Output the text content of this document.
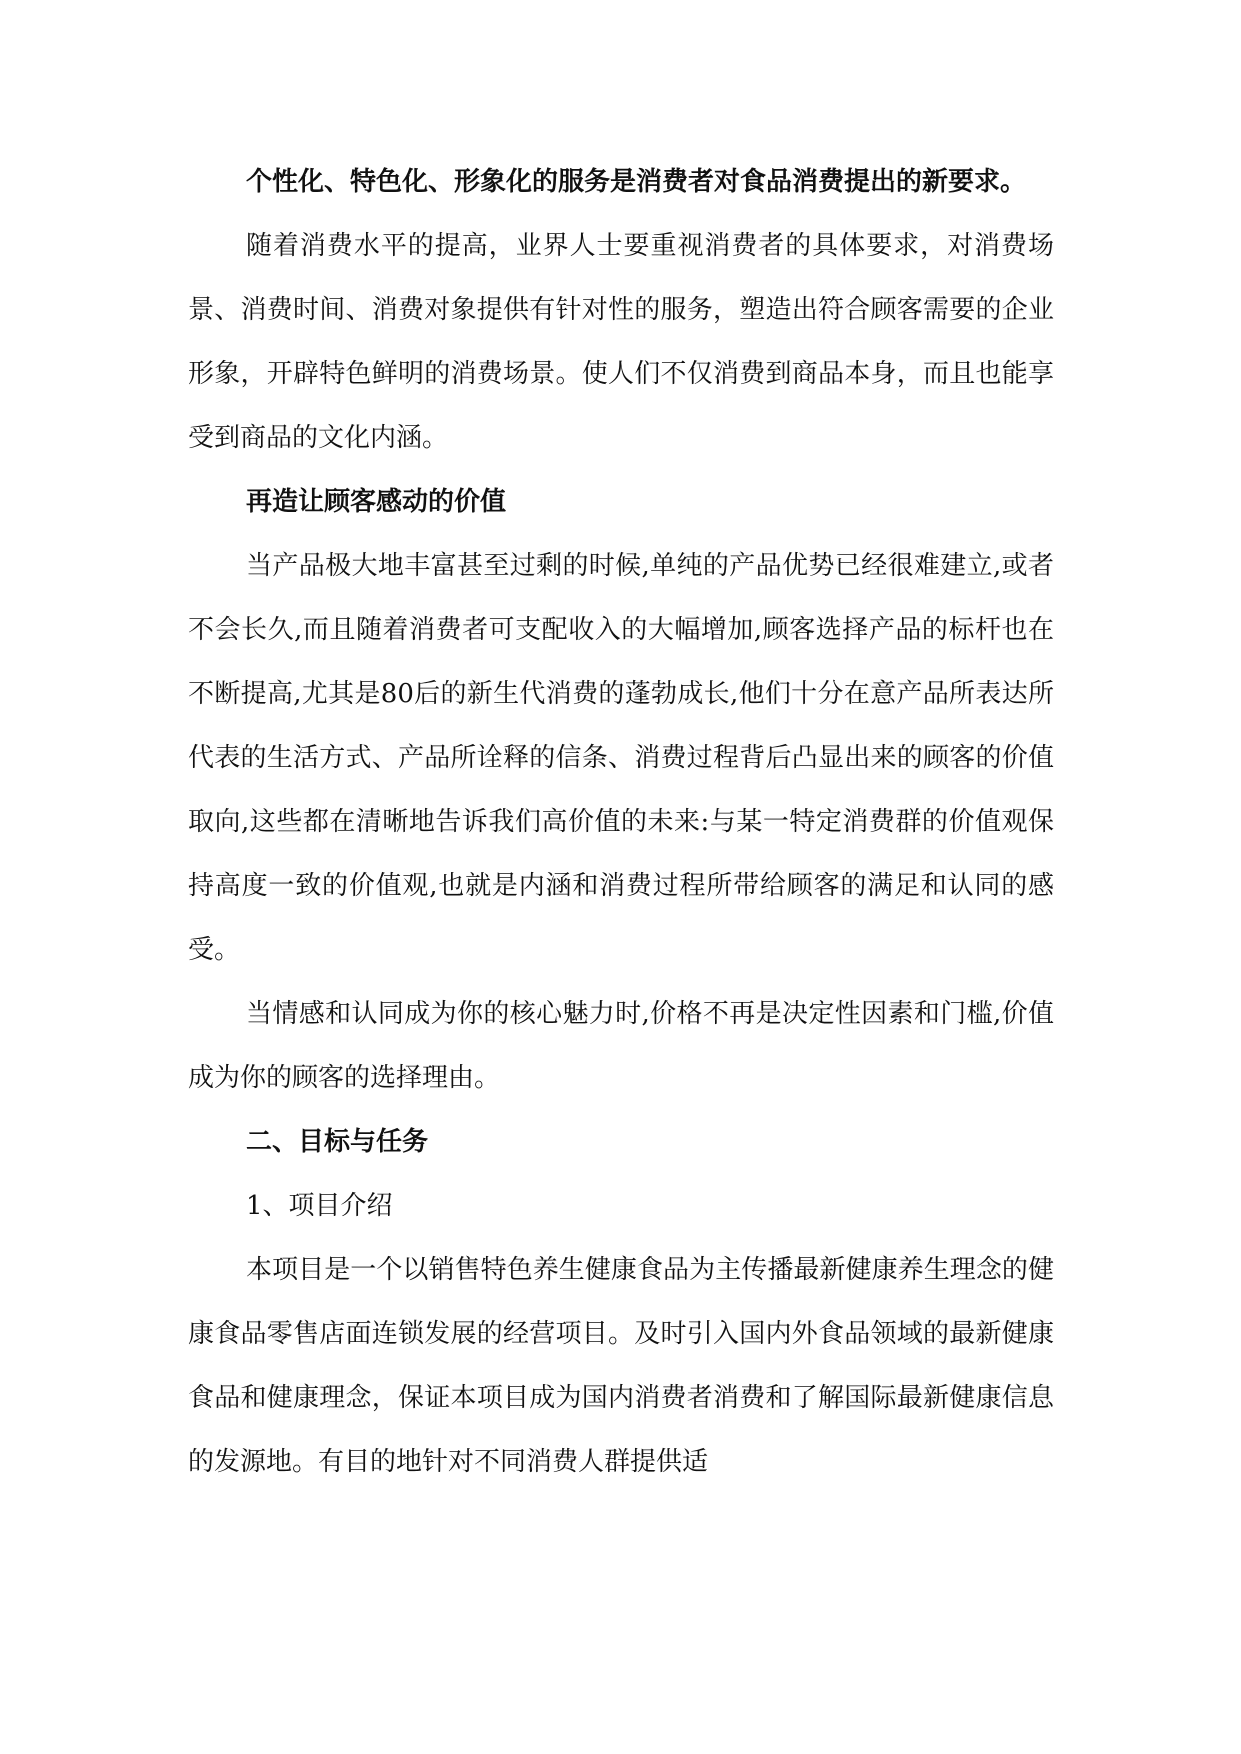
个性化、特色化、形象化的服务是消费者对食品消费提出的新要求。

随着消费水平的提高，业界人士要重视消费者的具体要求，对消费场景、消费时间、消费对象提供有针对性的服务，塑造出符合顾客需要的企业形象，开辟特色鲜明的消费场景。使人们不仅消费到商品本身，而且也能享受到商品的文化内涵。

再造让顾客感动的价值

当产品极大地丰富甚至过剩的时候,单纯的产品优势已经很难建立,或者不会长久,而且随着消费者可支配收入的大幅增加,顾客选择产品的标杆也在不断提高,尤其是80后的新生代消费的蓬勃成长,他们十分在意产品所表达所代表的生活方式、产品所诠释的信条、消费过程背后凸显出来的顾客的价值取向,这些都在清晰地告诉我们高价值的未来:与某一特定消费群的价值观保持高度一致的价值观,也就是内涵和消费过程所带给顾客的满足和认同的感受。

当情感和认同成为你的核心魅力时,价格不再是决定性因素和门槛,价值成为你的顾客的选择理由。

二、目标与任务

1、项目介绍

本项目是一个以销售特色养生健康食品为主传播最新健康养生理念的健康食品零售店面连锁发展的经营项目。及时引入国内外食品领域的最新健康食品和健康理念，保证本项目成为国内消费者消费和了解国际最新健康信息的发源地。有目的地针对不同消费人群提供适
